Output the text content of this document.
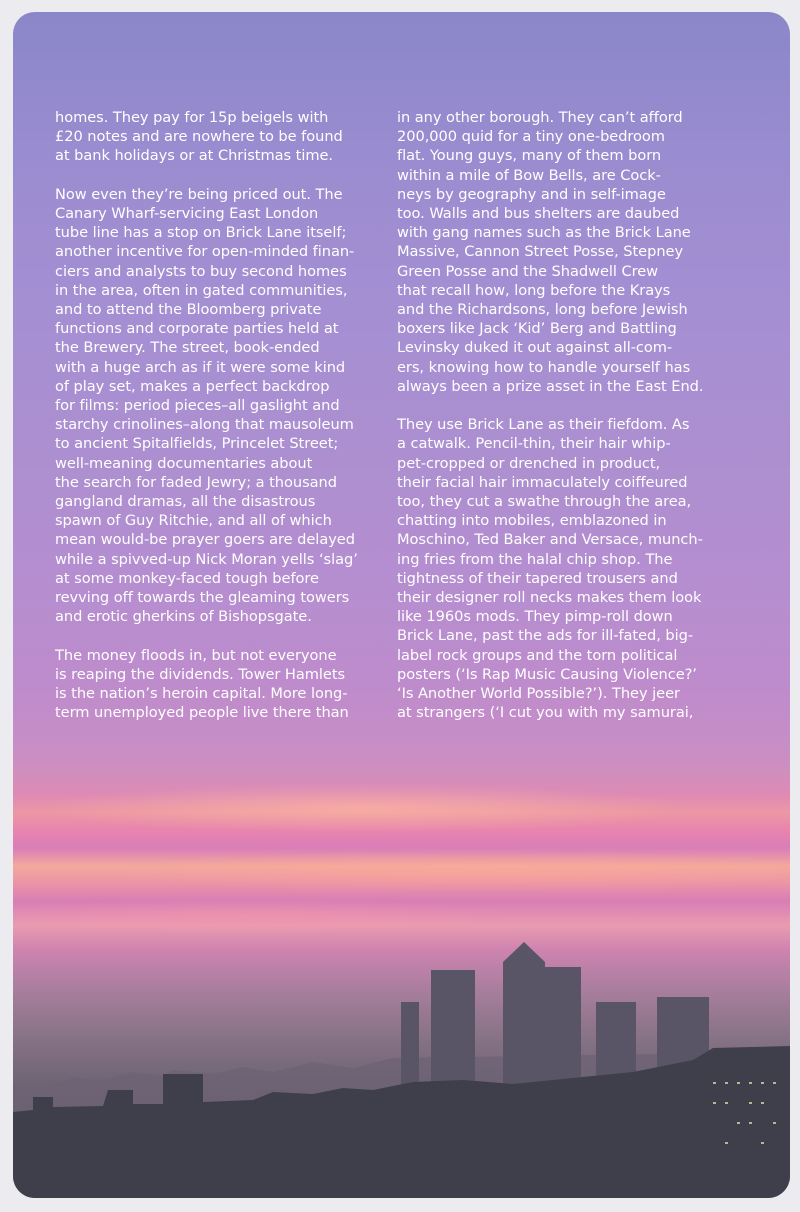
homes. They pay for 15p beigels with
£20 notes and are nowhere to be found
at bank holidays or at Christmas time.

Now even they’re being priced out. The
Canary Wharf-servicing East London
tube line has a stop on Brick Lane itself;
another incentive for open-minded finan-
ciers and analysts to buy second homes
in the area, often in gated communities,
and to attend the Bloomberg private
functions and corporate parties held at
the Brewery. The street, book-ended
with a huge arch as if it were some kind
of play set, makes a perfect backdrop
for films: period pieces–all gaslight and
starchy crinolines–along that mausoleum
to ancient Spitalfields, Princelet Street;
well-meaning documentaries about
the search for faded Jewry; a thousand
gangland dramas, all the disastrous
spawn of Guy Ritchie, and all of which
mean would-be prayer goers are delayed
while a spivved-up Nick Moran yells ‘slag’
at some monkey-faced tough before
revving off towards the gleaming towers
and erotic gherkins of Bishopsgate.

The money floods in, but not everyone
is reaping the dividends. Tower Hamlets
is the nation’s heroin capital. More long-
term unemployed people live there than

in any other borough. They can’t afford
200,000 quid for a tiny one-bedroom
flat. Young guys, many of them born
within a mile of Bow Bells, are Cock-
neys by geography and in self-image
too. Walls and bus shelters are daubed
with gang names such as the Brick Lane
Massive, Cannon Street Posse, Stepney
Green Posse and the Shadwell Crew
that recall how, long before the Krays
and the Richardsons, long before Jewish
boxers like Jack ‘Kid’ Berg and Battling
Levinsky duked it out against all-com-
ers, knowing how to handle yourself has
always been a prize asset in the East End.

They use Brick Lane as their fiefdom. As
a catwalk. Pencil-thin, their hair whip-
pet-cropped or drenched in product,
their facial hair immaculately coiffeured
too, they cut a swathe through the area,
chatting into mobiles, emblazoned in
Moschino, Ted Baker and Versace, munch-
ing fries from the halal chip shop. The
tightness of their tapered trousers and
their designer roll necks makes them look
like 1960s mods. They pimp-roll down
Brick Lane, past the ads for ill-fated, big-
label rock groups and the torn political
posters (‘Is Rap Music Causing Violence?’
‘Is Another World Possible?’). They jeer
at strangers (‘I cut you with my samurai,
